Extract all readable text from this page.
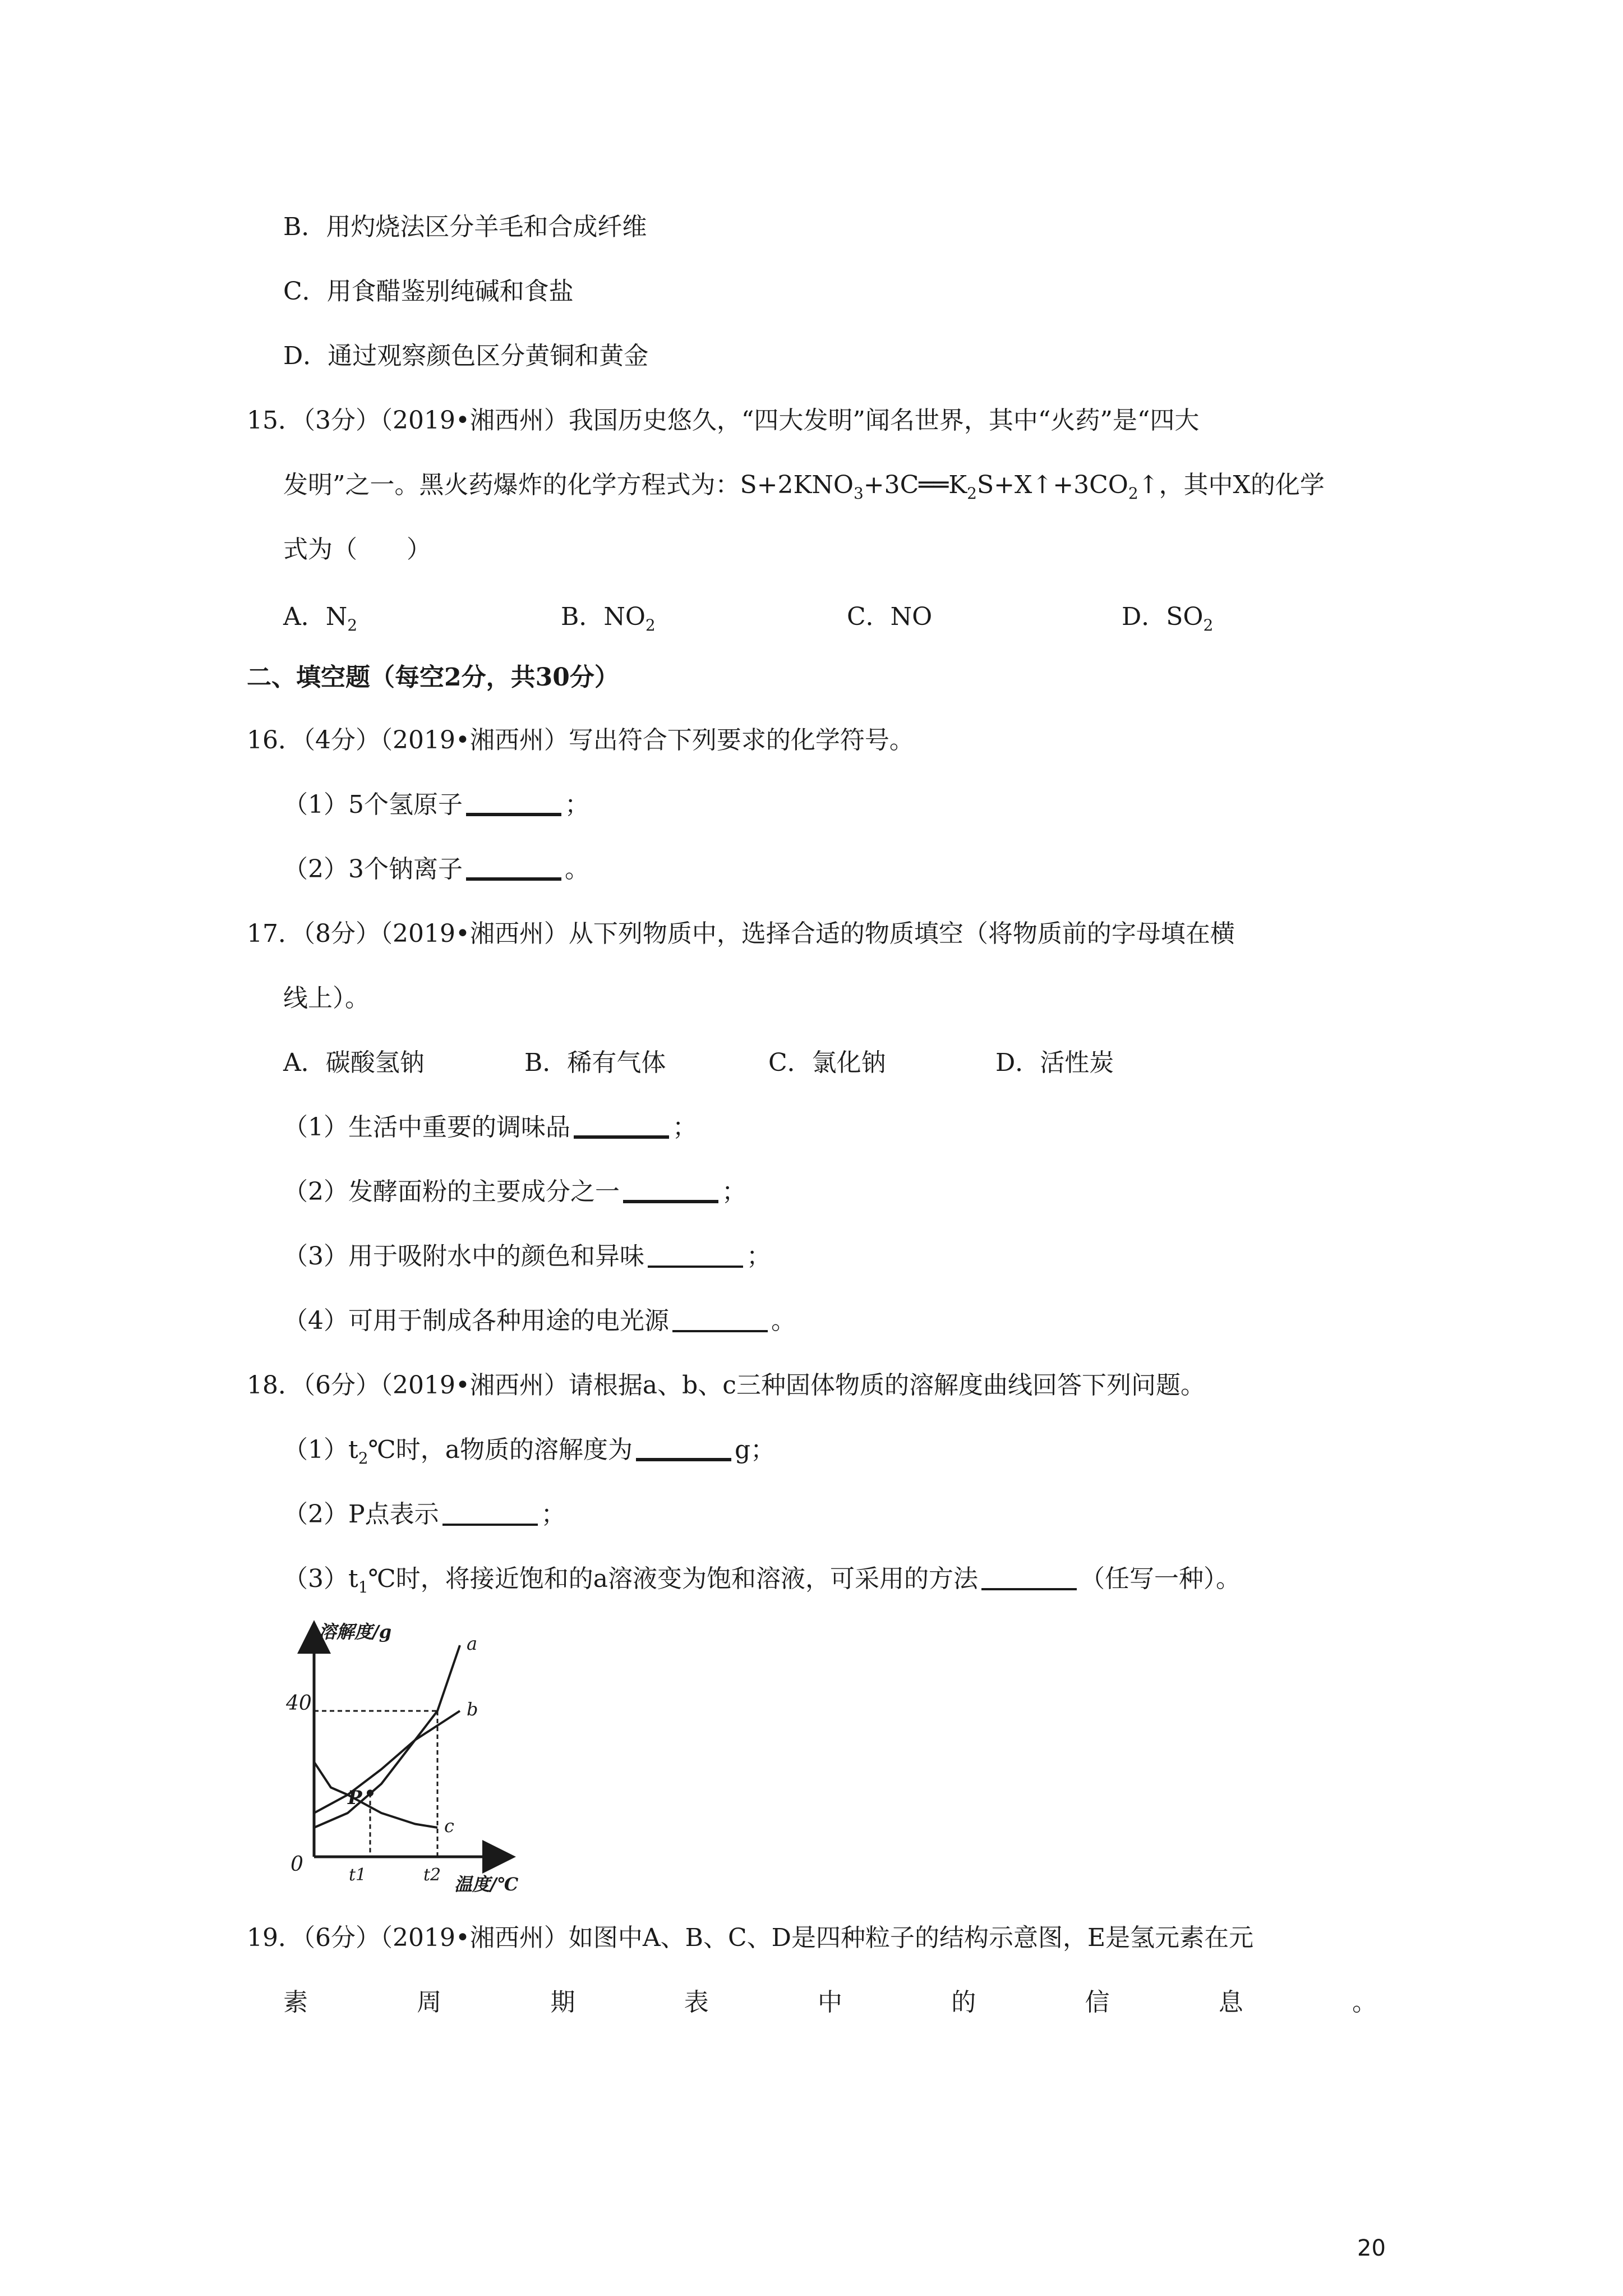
B．用灼烧法区分羊毛和合成纤维
C．用食醋鉴别纯碱和食盐
D．通过观察颜色区分黄铜和黄金
15．（3分）（2019•湘西州）我国历史悠久，“四大发明”闻名世界，其中“火药”是“四大
发明”之一。黑火药爆炸的化学方程式为：$S+2KNO_3+3C══K_2S+X↑+3CO_2↑$，其中X的化学
式为（　　）
A．$N_2$	B．$NO_2$	C．NO	D．$SO_2$
二、填空题（每空2分，共30分）
16．（4分）（2019•湘西州）写出符合下列要求的化学符号。
（1）5个氢原子	；
（2）3个钠离子	。
17．（8分）（2019•湘西州）从下列物质中，选择合适的物质填空（将物质前的字母填在横
线上）。
A．碳酸氢钠	B．稀有气体	C．氯化钠	D．活性炭
（1）生活中重要的调味品	；
（2）发酵面粉的主要成分之一	；
（3）用于吸附水中的颜色和异味	；
（4）可用于制成各种用途的电光源	。
18．（6分）（2019•湘西州）请根据a、b、c三种固体物质的溶解度曲线回答下列问题。
$(1)t_2℃$时，a物质的溶解度为	g；
（2）P点表示	；
$(3)t_1℃$时，将接近饱和的a溶液变为饱和溶液，可采用的方法	（任写一种）。
溶解度/g
温度/℃
0
40
t1	t2
a
b
c
P
19．（6分）（2019•湘西州）如图中A、B、C、D是四种粒子的结构示意图，E是氢元素在元
素	周	期	表	中	的	信	息	。
20
